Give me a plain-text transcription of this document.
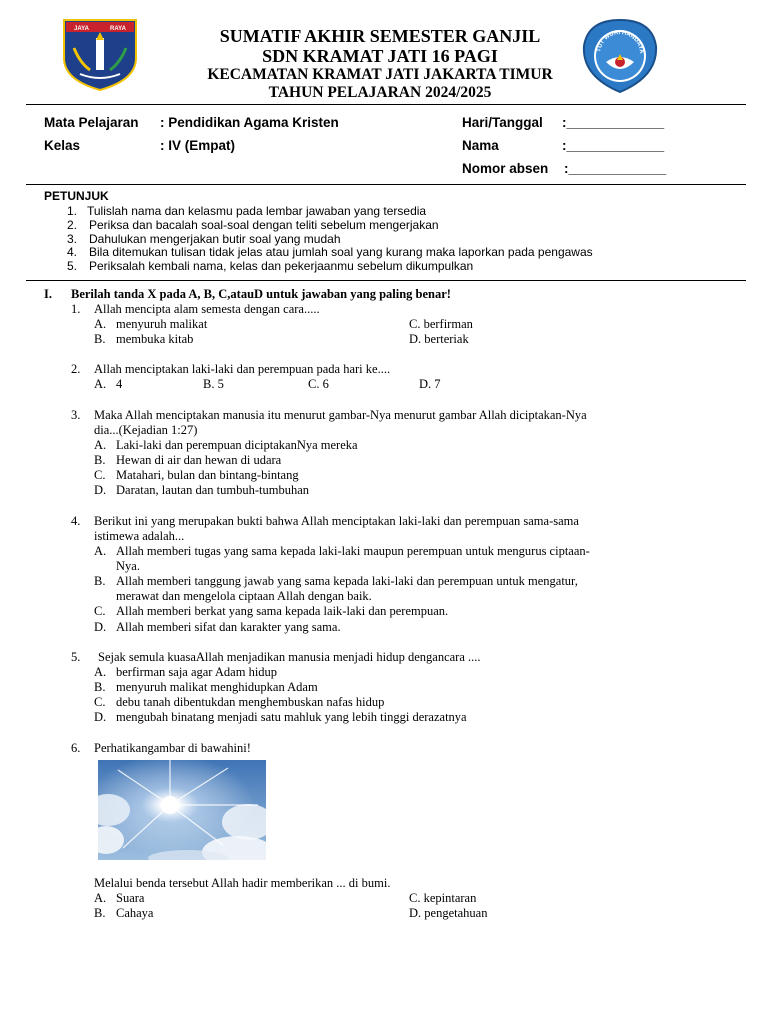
JAYA	RAYA
TUT WURI HANDAYA
SUMATIF AKHIR SEMESTER GANJIL
SDN KRAMAT JATI 16 PAGI
KECAMATAN KRAMAT JATI JAKARTA TIMUR
TAHUN PELAJARAN 2024/2025
Mata Pelajaran : Pendidikan Agama Kristen
Kelas	: IV (Empat)
Hari/Tanggal :_____________
Nama	:_____________
Nomor absen :_____________
PETUNJUK
1. Tulislah nama dan kelasmu pada lembar jawaban yang tersedia
2. Periksa dan bacalah soal-soal dengan teliti sebelum mengerjakan
3. Dahulukan mengerjakan butir soal yang mudah
4. Bila ditemukan tulisan tidak jelas atau jumlah soal yang kurang maka laporkan pada pengawas
5. Periksalah kembali nama, kelas dan pekerjaanmu sebelum dikumpulkan
I. Berilah tanda X pada A, B, C,atauD untuk jawaban yang paling benar!
1. Allah mencipta alam semesta dengan cara.....
A. menyuruh malikat	C. berfirman
B. membuka kitab	D. berteriak
2. Allah menciptakan laki-laki dan perempuan pada hari ke....
A. 4	B. 5	C. 6	D. 7
3. Maka Allah menciptakan manusia itu menurut gambar-Nya menurut gambar Allah diciptakan-Nya
dia...(Kejadian 1:27)
A. Laki-laki dan perempuan diciptakanNya mereka
B. Hewan di air dan hewan di udara
C. Matahari, bulan dan bintang-bintang
D. Daratan, lautan dan tumbuh-tumbuhan
4. Berikut ini yang merupakan bukti bahwa Allah menciptakan laki-laki dan perempuan sama-sama
istimewa adalah...
A. Allah memberi tugas yang sama kepada laki-laki maupun perempuan untuk mengurus ciptaan-
Nya.
B. Allah memberi tanggung jawab yang sama kepada laki-laki dan perempuan untuk mengatur,
merawat dan mengelola ciptaan Allah dengan baik.
C. Allah memberi berkat yang sama kepada laik-laki dan perempuan.
D. Allah memberi sifat dan karakter yang sama.
5. Sejak semula kuasaAllah menjadikan manusia menjadi hidup dengancara ....
A. berfirman saja agar Adam hidup
B. menyuruh malikat menghidupkan Adam
C. debu tanah dibentukdan menghembuskan nafas hidup
D. mengubah binatang menjadi satu mahluk yang lebih tinggi derazatnya
6. Perhatikangambar di bawahini!
Melalui benda tersebut Allah hadir memberikan ... di bumi.
A. Suara	C. kepintaran
B. Cahaya	D. pengetahuan
